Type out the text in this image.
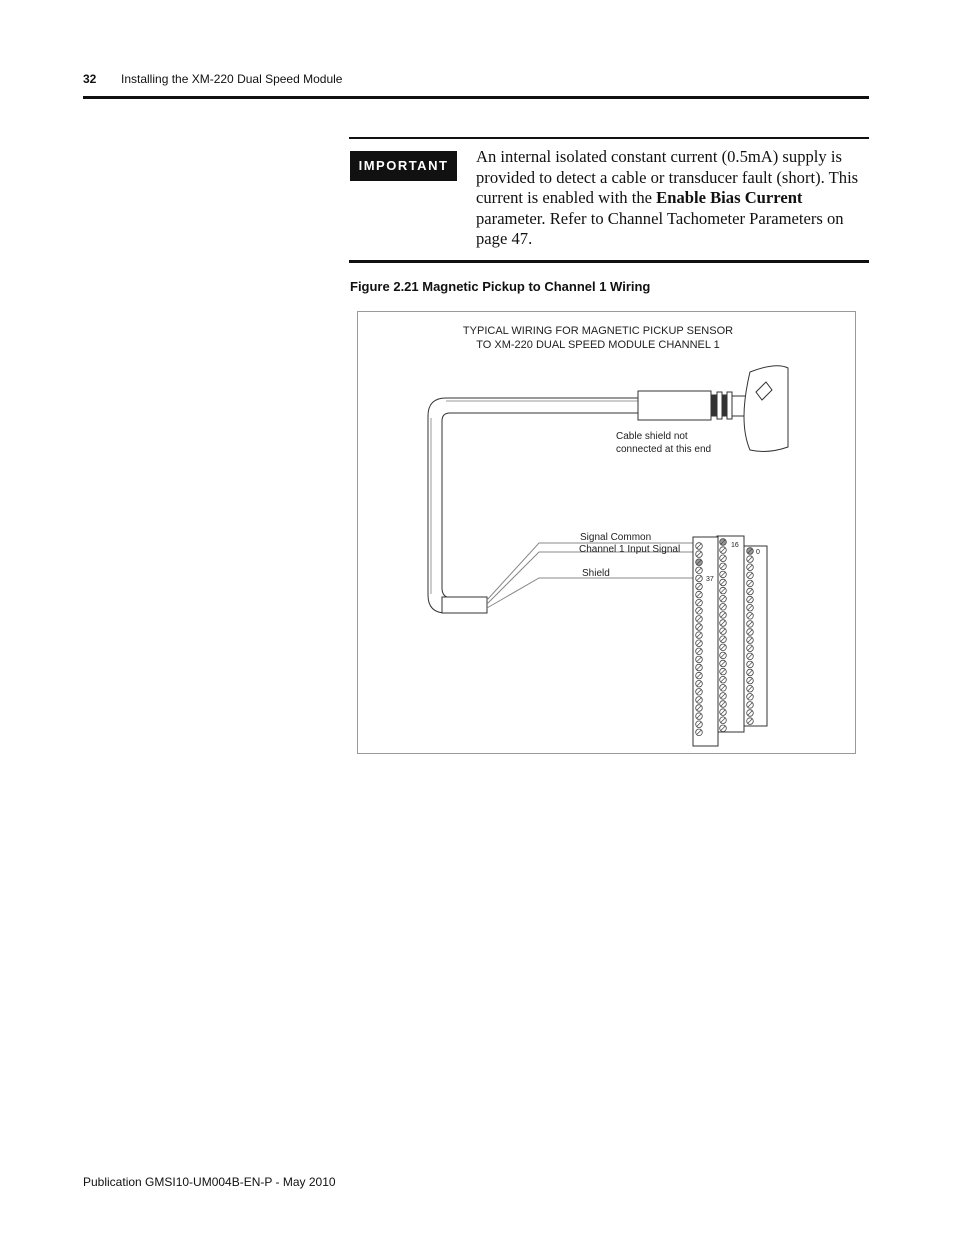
32 Installing the XM-220 Dual Speed Module
IMPORTANT	An internal isolated constant current (0.5mA) supply is provided to detect a cable or transducer fault (short). This current is enabled with the Enable Bias Current parameter. Refer to Channel Tachometer Parameters on page 47.
Figure 2.21 Magnetic Pickup to Channel 1 Wiring
TYPICAL WIRING FOR MAGNETIC PICKUP SENSOR
TO XM-220 DUAL SPEED MODULE CHANNEL 1
Cable shield not
connected at this end
Signal Common
Channel 1 Input Signal
Shield
16
0
37
Publication GMSI10-UM004B-EN-P - May 2010
